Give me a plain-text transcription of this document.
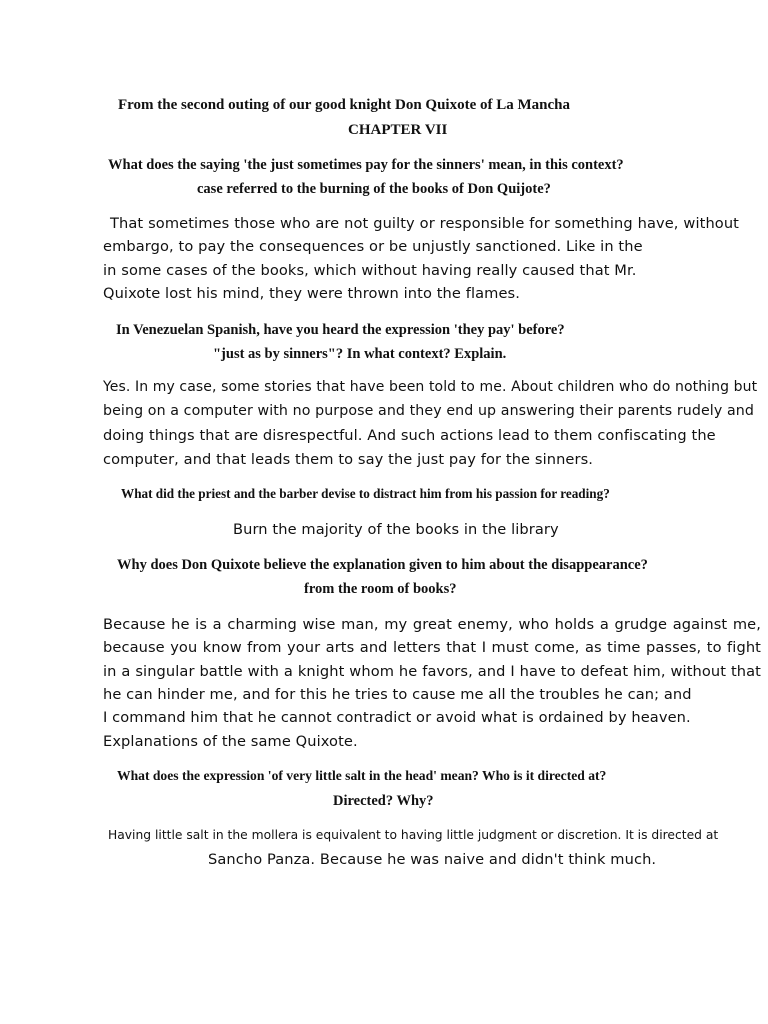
From the second outing of our good knight Don Quixote of La Mancha
CHAPTER VII
What does the saying 'the just sometimes pay for the sinners' mean, in this context?
case referred to the burning of the books of Don Quijote?
That sometimes those who are not guilty or responsible for something have, without
embargo, to pay the consequences or be unjustly sanctioned. Like in the
in some cases of the books, which without having really caused that Mr.
Quixote lost his mind, they were thrown into the flames.
In Venezuelan Spanish, have you heard the expression 'they pay' before?
"just as by sinners"? In what context? Explain.
Yes. In my case, some stories that have been told to me. About children who do nothing but
being on a computer with no purpose and they end up answering their parents rudely and
doing things that are disrespectful. And such actions lead to them confiscating the
computer, and that leads them to say the just pay for the sinners.
What did the priest and the barber devise to distract him from his passion for reading?
Burn the majority of the books in the library
Why does Don Quixote believe the explanation given to him about the disappearance?
from the room of books?
Because he is a charming wise man, my great enemy, who holds a grudge against me,
because you know from your arts and letters that I must come, as time passes, to fight
in a singular battle with a knight whom he favors, and I have to defeat him, without that
he can hinder me, and for this he tries to cause me all the troubles he can; and
I command him that he cannot contradict or avoid what is ordained by heaven.
Explanations of the same Quixote.
What does the expression 'of very little salt in the head' mean? Who is it directed at?
Directed? Why?
Having little salt in the mollera is equivalent to having little judgment or discretion. It is directed at
Sancho Panza. Because he was naive and didn't think much.
